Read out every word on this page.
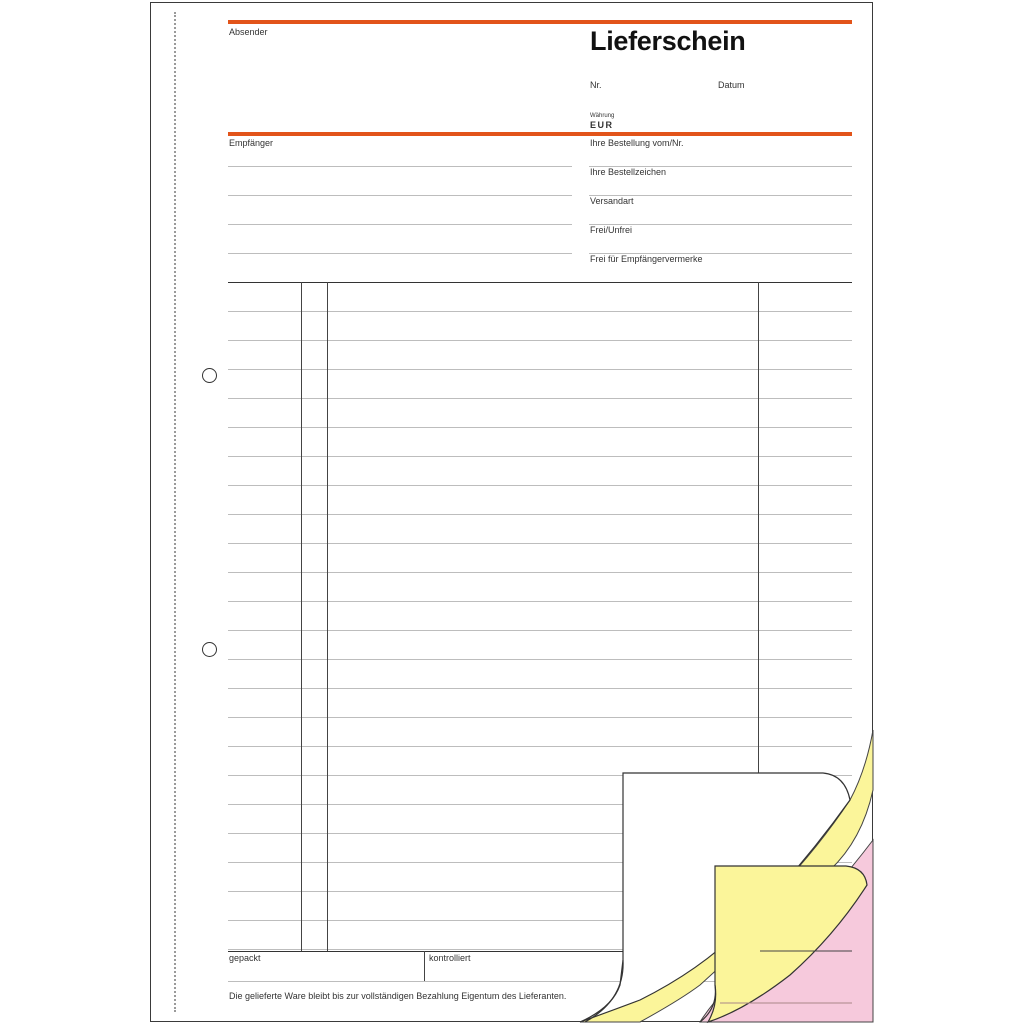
Absender	Lieferschein
Nr.	Datum
Währung
EUR
Empfänger	Ihre Bestellung vom/Nr.
Ihre Bestellzeichen
Versandart
Frei/Unfrei
Frei für Empfängervermerke
gepackt	kontrolliert
Die gelieferte Ware bleibt bis zur vollständigen Bezahlung Eigentum des Lieferanten.
